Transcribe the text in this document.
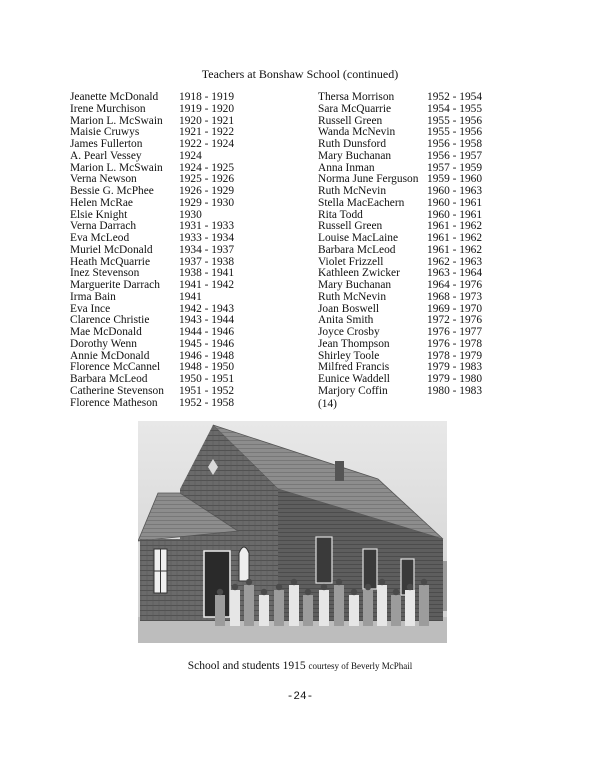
Teachers at Bonshaw School (continued)
Jeanette McDonald 1918 - 1919
Irene Murchison	1919 - 1920
Marion L. McSwain 1920 - 1921
Maisie Cruwys	1921 - 1922
James Fullerton	1922 - 1924
A. Pearl Vessey	1924
Marion L. McSwain 1924 - 1925
Verna Newson	1925 - 1926
Bessie G. McPhee 1926 - 1929
Helen McRae	1929 - 1930
Elsie Knight	1930
Verna Darrach	1931 - 1933
Eva McLeod	1933 - 1934
Muriel McDonald 1934 - 1937
Heath McQuarrie	1937 - 1938
Inez Stevenson	1938 - 1941
Marguerite Darrach 1941 - 1942
Irma Bain	1941
Eva Ince	1942 - 1943
Clarence Christie	1943 - 1944
Mae McDonald	1944 - 1946
Dorothy Wenn	1945 - 1946
Annie McDonald	1946 - 1948
Florence McCannel 1948 - 1950
Barbara McLeod	1950 - 1951
Catherine Stevenson 1951 - 1952
Florence Matheson 1952 - 1958
Thersa Morrison	1952 - 1954
Sara McQuarrie	1954 - 1955
Russell Green	1955 - 1956
Wanda McNevin	1955 - 1956
Ruth Dunsford	1956 - 1958
Mary Buchanan	1956 - 1957
Anna Inman	1957 - 1959
Norma June Ferguson 1959 - 1960
Ruth McNevin	1960 - 1963
Stella MacEachern 1960 - 1961
Rita Todd	1960 - 1961
Russell Green	1961 - 1962
Louise MacLaine	1961 - 1962
Barbara McLeod	1961 - 1962
Violet Frizzell	1962 - 1963
Kathleen Zwicker 1963 - 1964
Mary Buchanan	1964 - 1976
Ruth McNevin	1968 - 1973
Joan Boswell	1969 - 1970
Anita Smith	1972 - 1976
Joyce Crosby	1976 - 1977
Jean Thompson	1976 - 1978
Shirley Toole	1978 - 1979
Milfred Francis	1979 - 1983
Eunice Waddell	1979 - 1980
Marjory Coffin	1980 - 1983
(14)
School and students 1915 courtesy of Beverly McPhail
-24-
